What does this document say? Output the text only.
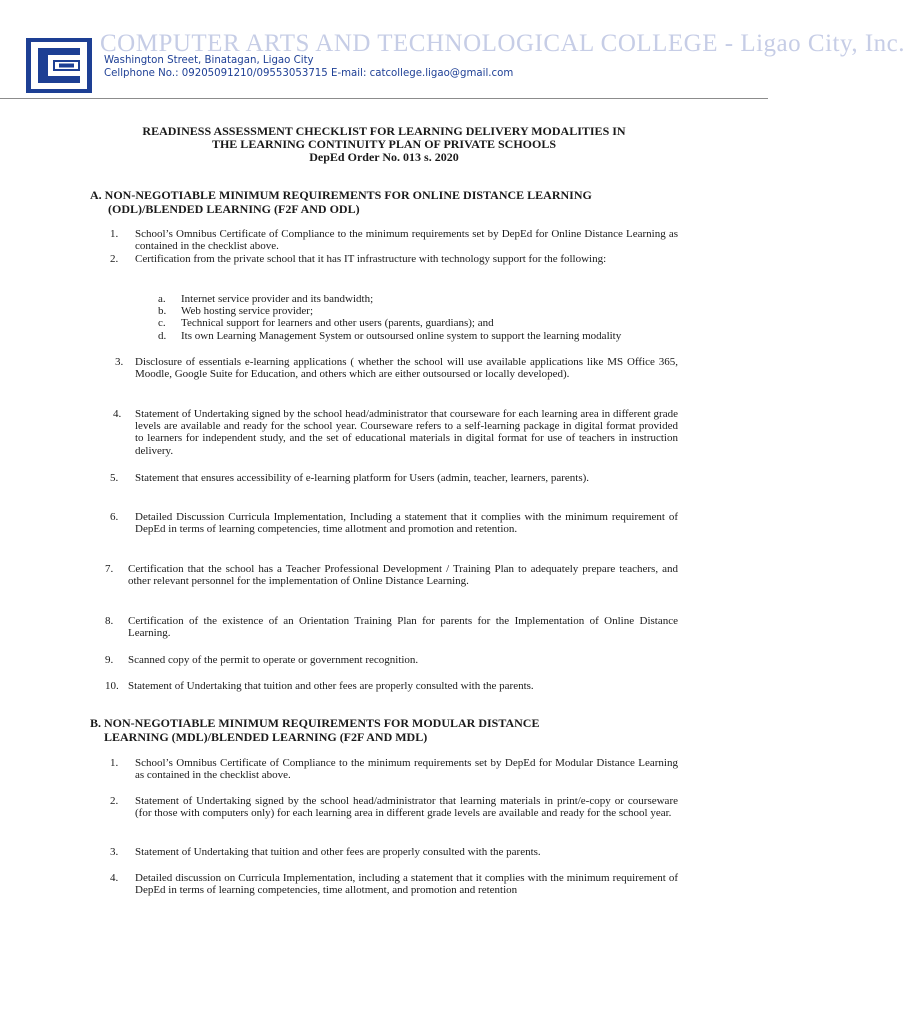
COMPUTER ARTS AND TECHNOLOGICAL COLLEGE - Ligao City, Inc.
Washington Street, Binatagan, Ligao City
Cellphone No.: 09205091210/09553053715 E-mail: catcollege.ligao@gmail.com
READINESS ASSESSMENT CHECKLIST FOR LEARNING DELIVERY MODALITIES IN
THE LEARNING CONTINUITY PLAN OF PRIVATE SCHOOLS
DepEd Order No. 013 s. 2020
A. NON-NEGOTIABLE MINIMUM REQUIREMENTS FOR ONLINE DISTANCE LEARNING
(ODL)/BLENDED LEARNING (F2F AND ODL)
1. School’s Omnibus Certificate of Compliance to the minimum requirements set by DepEd for Online Distance Learning as contained in the checklist above.
2. Certification from the private school that it has IT infrastructure with technology support for the following:
a. Internet service provider and its bandwidth;
b. Web hosting service provider;
c. Technical support for learners and other users (parents, guardians); and
d. Its own Learning Management System or outsoursed online system to support the learning modality
3. Disclosure of essentials e-learning applications ( whether the school will use available applications like MS Office 365, Moodle, Google Suite for Education, and others which are either outsoursed or locally developed).
4. Statement of Undertaking signed by the school head/administrator that courseware for each learning area in different grade levels are available and ready for the school year. Courseware refers to a self-learning package in digital format provided to learners for independent study, and the set of educational materials in digital format for use of teachers in instruction delivery.
5. Statement that ensures accessibility of e-learning platform for Users (admin, teacher, learners, parents).
6. Detailed Discussion Curricula Implementation, Including a statement that it complies with the minimum requirement of DepEd in terms of learning competencies, time allotment and promotion and retention.
7. Certification that the school has a Teacher Professional Development / Training Plan to adequately prepare teachers, and other relevant personnel for the implementation of Online Distance Learning.
8. Certification of the existence of an Orientation Training Plan for parents for the Implementation of Online Distance Learning.
9. Scanned copy of the permit to operate or government recognition.
10. Statement of Undertaking that tuition and other fees are properly consulted with the parents.
B. NON-NEGOTIABLE MINIMUM REQUIREMENTS FOR MODULAR DISTANCE
LEARNING (MDL)/BLENDED LEARNING (F2F AND MDL)
1. School’s Omnibus Certificate of Compliance to the minimum requirements set by DepEd for Modular Distance Learning as contained in the checklist above.
2. Statement of Undertaking signed by the school head/administrator that learning materials in print/e-copy or courseware (for those with computers only) for each learning area in different grade levels are available and ready for the school year.
3. Statement of Undertaking that tuition and other fees are properly consulted with the parents.
4. Detailed discussion on Curricula Implementation, including a statement that it complies with the minimum requirement of DepEd in terms of learning competencies, time allotment, and promotion and retention
